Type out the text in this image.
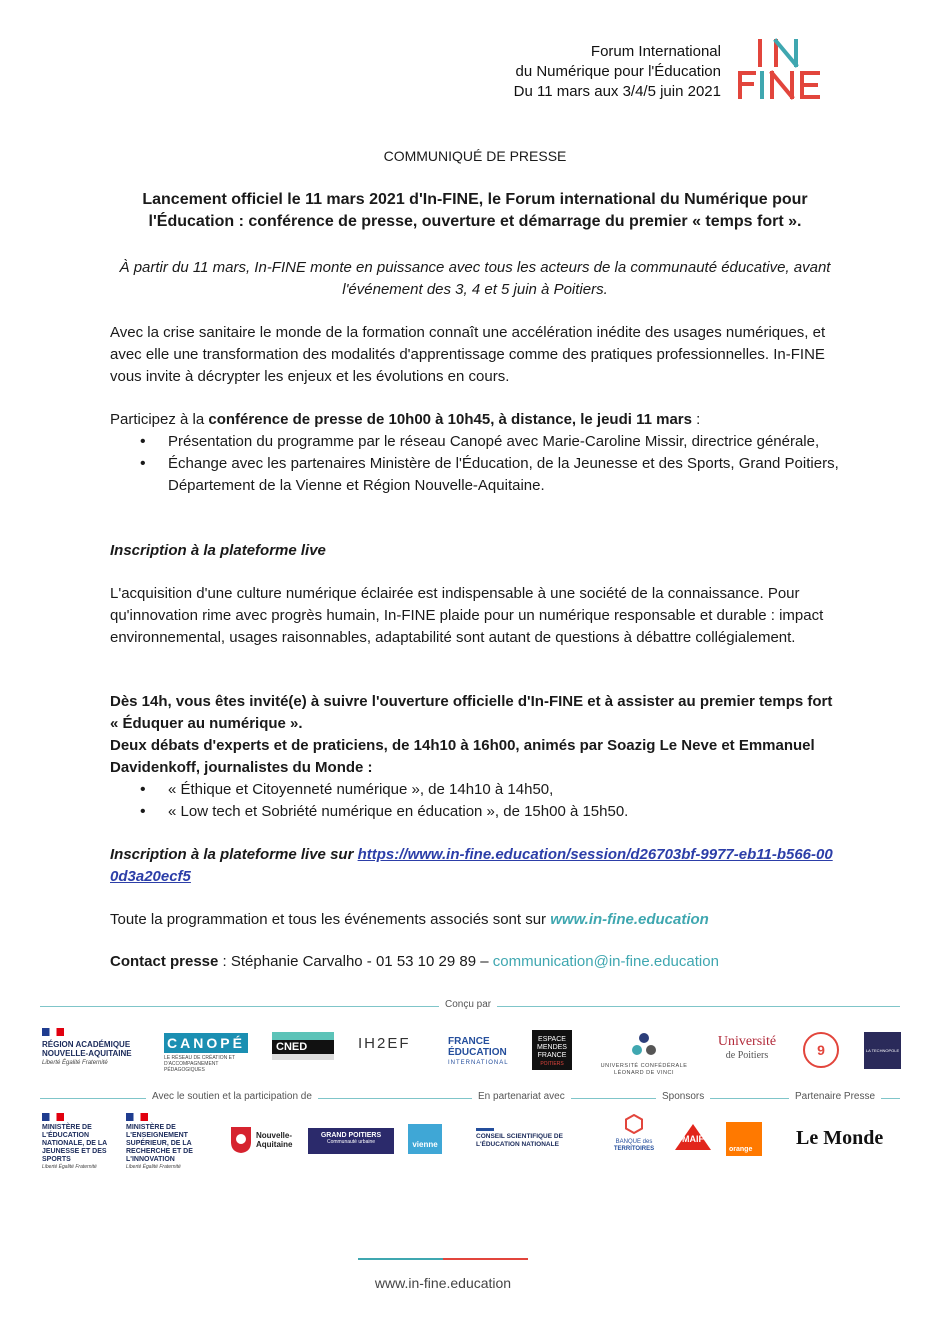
Forum International
du Numérique pour l'Éducation
Du 11 mars aux 3/4/5 juin 2021
COMMUNIQUÉ DE PRESSE
Lancement officiel le 11 mars 2021 d'In-FINE, le Forum international du Numérique pour l'Éducation : conférence de presse, ouverture et démarrage du premier « temps fort ».
À partir du 11 mars, In-FINE monte en puissance avec tous les acteurs de la communauté éducative, avant l'événement des 3, 4 et 5 juin à Poitiers.
Avec la crise sanitaire le monde de la formation connaît une accélération inédite des usages numériques, et avec elle une transformation des modalités d'apprentissage comme des pratiques professionnelles. In-FINE vous invite à décrypter les enjeux et les évolutions en cours.
Participez à la conférence de presse de 10h00 à 10h45, à distance, le jeudi 11 mars :
• Présentation du programme par le réseau Canopé avec Marie-Caroline Missir, directrice générale,
• Échange avec les partenaires Ministère de l'Éducation, de la Jeunesse et des Sports, Grand Poitiers, Département de la Vienne et Région Nouvelle-Aquitaine.
Inscription à la plateforme live
L'acquisition d'une culture numérique éclairée est indispensable à une société de la connaissance. Pour qu'innovation rime avec progrès humain, In-FINE plaide pour un numérique responsable et durable : impact environnemental, usages raisonnables, adaptabilité sont autant de questions à débattre collégialement.
Dès 14h, vous êtes invité(e) à suivre l'ouverture officielle d'In-FINE et à assister au premier temps fort « Éduquer au numérique ».
Deux débats d'experts et de praticiens, de 14h10 à 16h00, animés par Soazig Le Neve et Emmanuel Davidenkoff, journalistes du Monde :
• « Éthique et Citoyenneté numérique », de 14h10 à 14h50,
• « Low tech et Sobriété numérique en éducation », de 15h00 à 15h50.
Inscription à la plateforme live sur https://www.in-fine.education/session/d26703bf-9977-eb11-b566-000d3a20ecf5
Toute la programmation et tous les événements associés sont sur www.in-fine.education
Contact presse : Stéphanie Carvalho - 01 53 10 29 89 – communication@in-fine.education
Conçu par
RÉGION ACADÉMIQUE NOUVELLE-AQUITAINE
Liberté Égalité Fraternité
CANOPÉ
LE RÉSEAU DE CRÉATION ET D'ACCOMPAGNEMENT PÉDAGOGIQUES
CNED	IH2EF	FRANCE
ÉDUCATION
INTERNATIONAL
ESPACE
MENDES
FRANCE
POITIERS	UNIVERSITÉ CONFÉDÉRALE LÉONARD DE VINCI
Université
de Poitiers	9	LA TECHNOPOLE
Avec le soutien et la participation de	En partenariat avec	Sponsors	Partenaire Presse
MINISTÈRE DE L'ÉDUCATION NATIONALE, DE LA JEUNESSE ET DES SPORTS
Liberté Égalité Fraternité
MINISTÈRE DE L'ENSEIGNEMENT SUPÉRIEUR, DE LA RECHERCHE ET DE L'INNOVATION
Liberté Égalité Fraternité
Nouvelle-
Aquitaine
GRAND POITIERS
Communauté urbaine	vienne
CONSEIL SCIENTIFIQUE DE L'ÉDUCATION NATIONALE	BANQUE des
TERRITOIRES
MAIF
orange
Le Monde
www.in-fine.education
